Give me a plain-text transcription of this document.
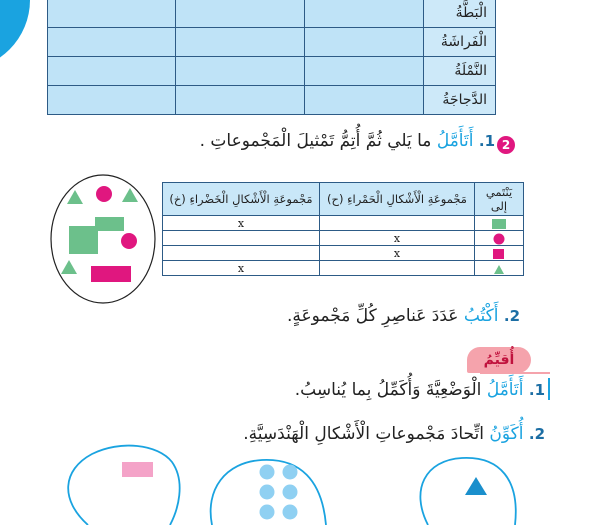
			الْبَطَّةُ
			الْفَراشَةُ
			النَّمْلَةُ
			الدَّجاجَةُ
2
1. أَتَأَمَّلُ ما يَلي ثُمَّ أُتِمُّ تَمْثيلَ الْمَجْموعاتِ .
يَنْتَمي إلى	مَجْموعَةِ الْأَشْكالِ الْحَمْراءِ (ح)	مَجْموعَةِ الْأَشْكالِ الْخَضْراءِ (خ)
		x
	x	
	x	
		x
2. أَكْتُبُ عَدَدَ عَناصِرِ كُلِّ مَجْموعَةٍ.
أُقيِّمُ
1. أَتَأَمَّلُ الْوَضْعِيَّةَ وَأُكَمِّلُ بِما يُناسِبُ.
2. أُكَوِّنُ اتِّحادَ مَجْموعاتِ الْأَشْكالِ الْهَنْدَسِيَّةِ.
